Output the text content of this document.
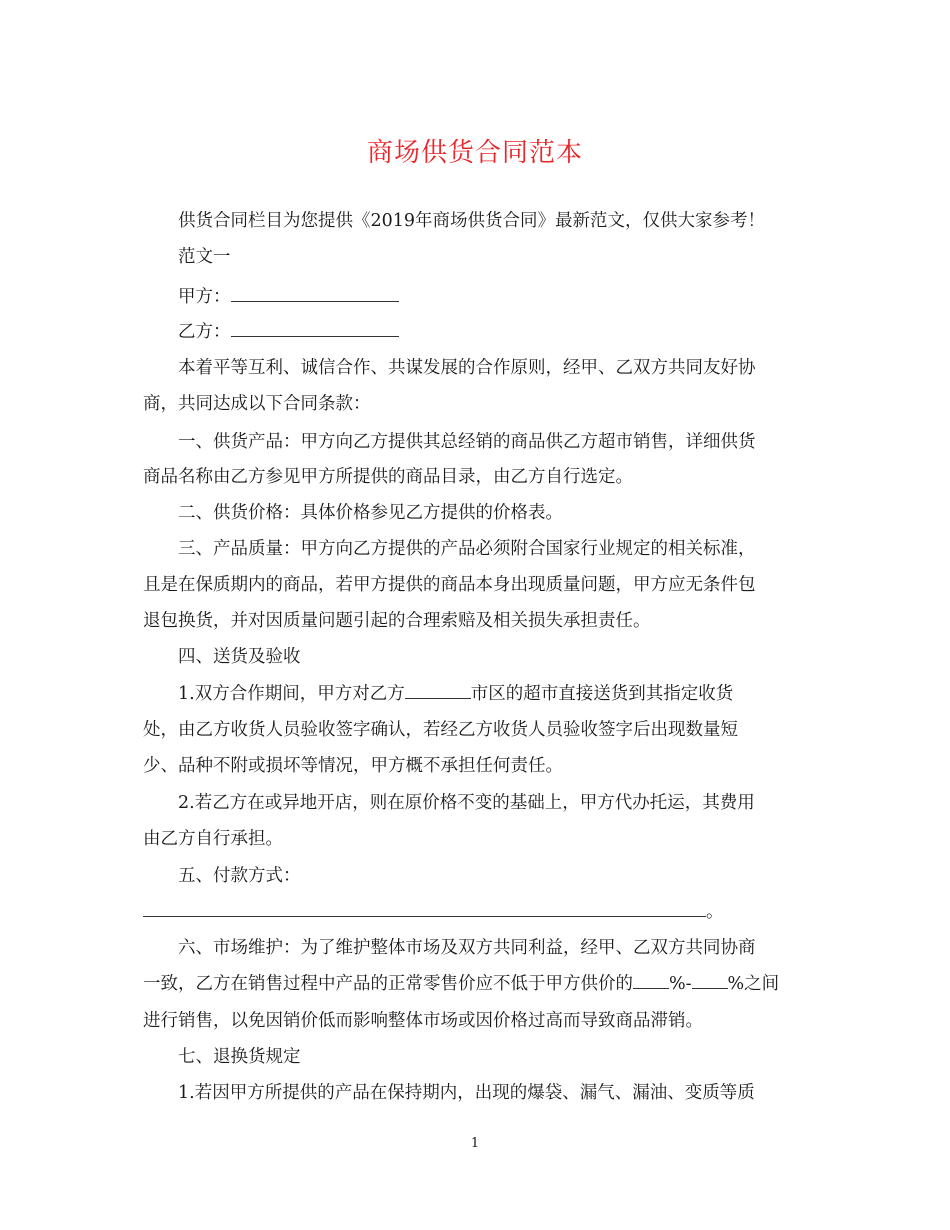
商场供货合同范本
供货合同栏目为您提供《2019年商场供货合同》最新范文，仅供大家参考！
范文一
甲方：
乙方：
本着平等互利、诚信合作、共谋发展的合作原则，经甲、乙双方共同友好协
商，共同达成以下合同条款：
一、供货产品：甲方向乙方提供其总经销的商品供乙方超市销售，详细供货
商品名称由乙方参见甲方所提供的商品目录，由乙方自行选定。
二、供货价格：具体价格参见乙方提供的价格表。
三、产品质量：甲方向乙方提供的产品必须附合国家行业规定的相关标准，
且是在保质期内的商品，若甲方提供的商品本身出现质量问题，甲方应无条件包
退包换货，并对因质量问题引起的合理索赔及相关损失承担责任。
四、送货及验收
1.双方合作期间，甲方对乙方	市区的超市直接送货到其指定收货
处，由乙方收货人员验收签字确认，若经乙方收货人员验收签字后出现数量短
少、品种不附或损坏等情况，甲方概不承担任何责任。
2.若乙方在或异地开店，则在原价格不变的基础上，甲方代办托运，其费用
由乙方自行承担。
五、付款方式：
。
六、市场维护：为了维护整体市场及双方共同利益，经甲、乙双方共同协商
一致，乙方在销售过程中产品的正常零售价应不低于甲方供价的 %- %之间
进行销售，以免因销价低而影响整体市场或因价格过高而导致商品滞销。
七、退换货规定
1.若因甲方所提供的产品在保持期内，出现的爆袋、漏气、漏油、变质等质
1
